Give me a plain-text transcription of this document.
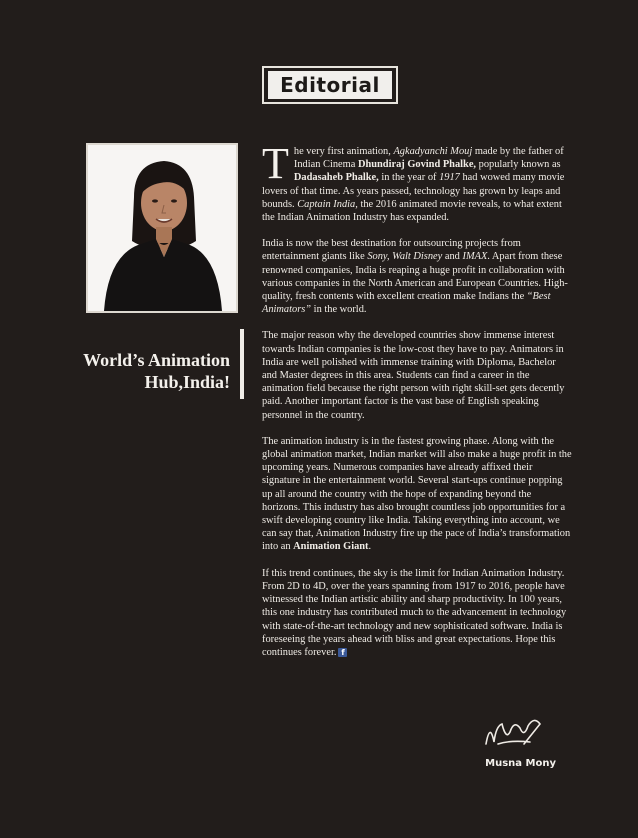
Editorial
World’s Animation
Hub,India!

The very first animation, Agkadyanchi Mouj made by the father of Indian Cinema Dhundiraj Govind Phalke, popularly known as Dadasaheb Phalke, in the year of 1917 had wowed many movie lovers of that time. As years passed, technology has grown by leaps and bounds. Captain India, the 2016 animated movie reveals, to what extent the Indian Animation Industry has expanded.

India is now the best destination for outsourcing projects from entertainment giants like Sony, Walt Disney and IMAX. Apart from these renowned companies, India is reaping a huge profit in collaboration with various companies in the North American and European Countries. High-quality, fresh contents with excellent creation make Indians the “Best Animators” in the world.

The major reason why the developed countries show immense interest towards Indian companies is the low-cost they have to pay. Animators in India are well polished with immense training with Diploma, Bachelor and Master degrees in this area. Students can find a career in the animation field because the right person with right skill-set gets decently paid. Another important factor is the vast base of English speaking personnel in the country.

The animation industry is in the fastest growing phase. Along with the global animation market, Indian market will also make a huge profit in the upcoming years. Numerous companies have already affixed their signature in the entertainment world. Several start-ups continue popping up all around the country with the hope of expanding beyond the horizons. This industry has also brought countless job opportunities for a swift developing country like India. Taking everything into account, we can say that, Animation Industry fire up the pace of India’s transformation into an Animation Giant.

If this trend continues, the sky is the limit for Indian Animation Industry. From 2D to 4D, over the years spanning from 1917 to 2016, people have witnessed the Indian artistic ability and sharp productivity. In 100 years, this one industry has contributed much to the advancement in technology with state-of-the-art technology and new sophisticated software. India is foreseeing the years ahead with bliss and great expectations. Hope this continues forever. f

Musna Mony
